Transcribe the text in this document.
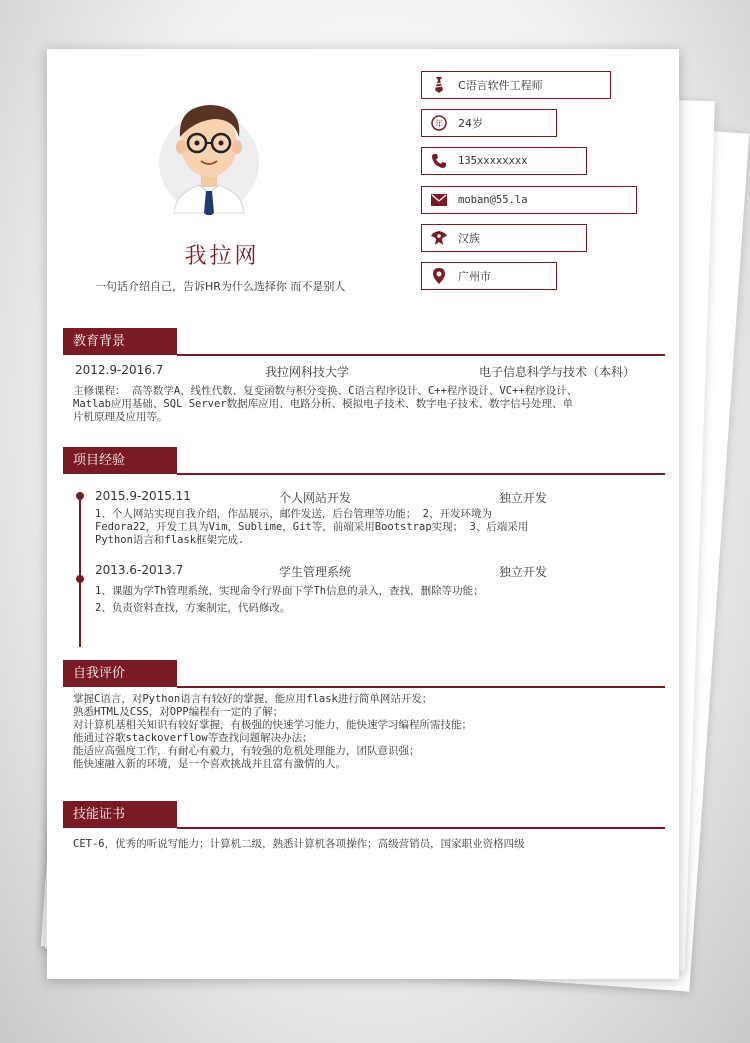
我拉网
一句话介绍自己，告诉HR为什么选择你 而不是别人
C语言软件工程师
年 24岁
135xxxxxxxx
moban@55.la
汉族
广州市
教育背景
2012.9-2016.7	我拉网科技大学	电子信息科学与技术（本科）
主修课程： 高等数学A、线性代数、复变函数与积分变换、C语言程序设计、C++程序设计、VC++程序设计、
Matlab应用基础、SQL Server数据库应用、电路分析、模拟电子技术、数字电子技术、数字信号处理、单
片机原理及应用等。
项目经验
2015.9-2015.11	个人网站开发	独立开发
1、个人网站实现自我介绍，作品展示，邮件发送，后台管理等功能； 2、开发环境为
Fedora22，开发工具为Vim，Sublime，Git等，前端采用Bootstrap实现； 3、后端采用
Python语言和flask框架完成.
2013.6-2013.7	学生管理系统	独立开发
1、课题为学Th管理系统，实现命令行界面下学Th信息的录入，查找，删除等功能；
2、负责资料查找，方案制定，代码修改。
自我评价
掌握C语言，对Python语言有较好的掌握，能应用flask进行简单网站开发；
熟悉HTML及CSS，对OPP编程有一定的了解；
对计算机基相关知识有较好掌握，有极强的快速学习能力，能快速学习编程所需技能；
能通过谷歌stackoverflow等查找问题解决办法；
能适应高强度工作，有耐心有毅力，有较强的危机处理能力，团队意识强；
能快速融入新的环境，是一个喜欢挑战并且富有激情的人。
技能证书
CET-6，优秀的听说写能力；计算机二级，熟悉计算机各项操作；高级营销员，国家职业资格四级
